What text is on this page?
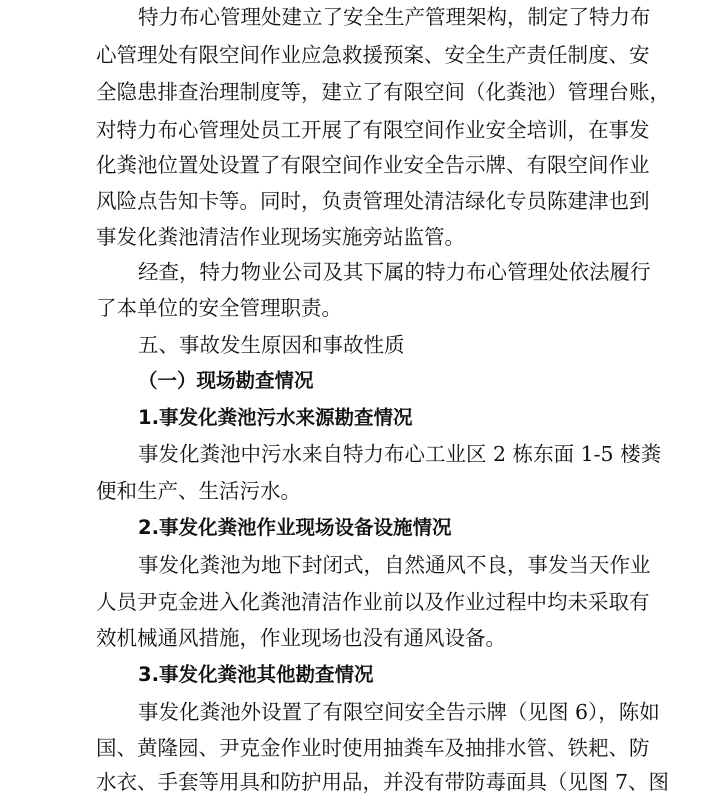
特力布心管理处建立了安全生产管理架构，制定了特力布
心管理处有限空间作业应急救援预案、安全生产责任制度、安
全隐患排查治理制度等，建立了有限空间（化粪池）管理台账，
对特力布心管理处员工开展了有限空间作业安全培训，在事发
化粪池位置处设置了有限空间作业安全告示牌、有限空间作业
风险点告知卡等。同时，负责管理处清洁绿化专员陈建津也到
事发化粪池清洁作业现场实施旁站监管。
经查，特力物业公司及其下属的特力布心管理处依法履行
了本单位的安全管理职责。
五、事故发生原因和事故性质
（一）现场勘查情况
1.事发化粪池污水来源勘查情况
事发化粪池中污水来自特力布心工业区 2 栋东面 1-5 楼粪
便和生产、生活污水。
2.事发化粪池作业现场设备设施情况
事发化粪池为地下封闭式，自然通风不良，事发当天作业
人员尹克金进入化粪池清洁作业前以及作业过程中均未采取有
效机械通风措施，作业现场也没有通风设备。
3.事发化粪池其他勘查情况
事发化粪池外设置了有限空间安全告示牌（见图 6），陈如
国、黄隆园、尹克金作业时使用抽粪车及抽排水管、铁耙、防
水衣、手套等用具和防护用品，并没有带防毒面具（见图 7、图
